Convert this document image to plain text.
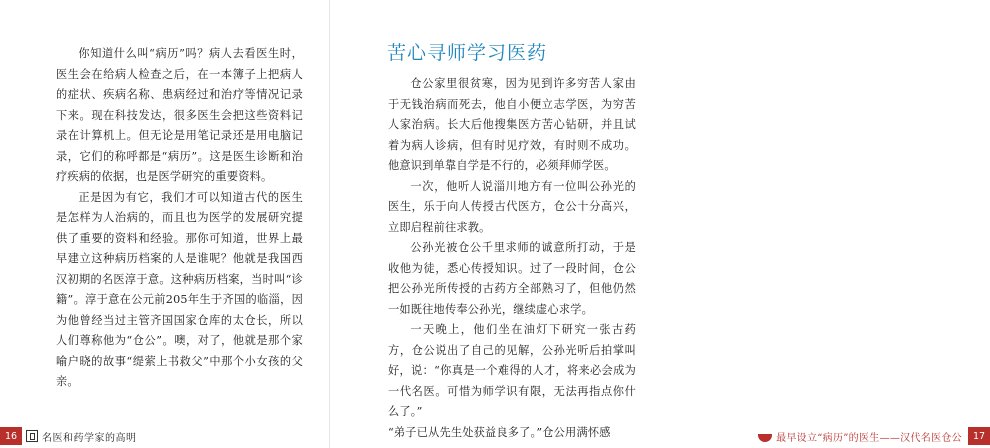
你知道什么叫“病历”吗？病人去看医生时，医生会在给病人检查之后，在一本簿子上把病人的症状、疾病名称、患病经过和治疗等情况记录下来。现在科技发达，很多医生会把这些资料记录在计算机上。但无论是用笔记录还是用电脑记录，它们的称呼都是“病历”。这是医生诊断和治疗疾病的依据，也是医学研究的重要资料。

正是因为有它，我们才可以知道古代的医生是怎样为人治病的，而且也为医学的发展研究提供了重要的资料和经验。那你可知道，世界上最早建立这种病历档案的人是谁呢？他就是我国西汉初期的名医淳于意。这种病历档案，当时叫“诊籍”。淳于意在公元前205年生于齐国的临淄，因为他曾经当过主管齐国国家仓库的太仓长，所以人们尊称他为“仓公”。噢，对了，他就是那个家喻户晓的故事“缇萦上书救父”中那个小女孩的父亲。

16	名医和药学家的高明
苦心寻师学习医药

仓公家里很贫寒，因为见到许多穷苦人家由于无钱治病而死去，他自小便立志学医，为穷苦人家治病。长大后他搜集医方苦心钻研，并且试着为病人诊病，但有时见疗效，有时则不成功。他意识到单靠自学是不行的，必须拜师学医。

一次，他听人说淄川地方有一位叫公孙光的医生，乐于向人传授古代医方，仓公十分高兴，立即启程前往求教。

公孙光被仓公千里求师的诚意所打动，于是收他为徒，悉心传授知识。过了一段时间，仓公把公孙光所传授的古药方全部熟习了，但他仍然一如既往地传奉公孙光，继续虚心求学。

一天晚上，他们坐在油灯下研究一张古药方，仓公说出了自己的见解，公孙光听后拍掌叫好，说：“你真是一个难得的人才，将来必会成为一代名医。可惜为师学识有限，无法再指点你什么了。”

“弟子已从先生处获益良多了。”仓公用满怀感	最早设立“病历”的医生——汉代名医仓公	17
